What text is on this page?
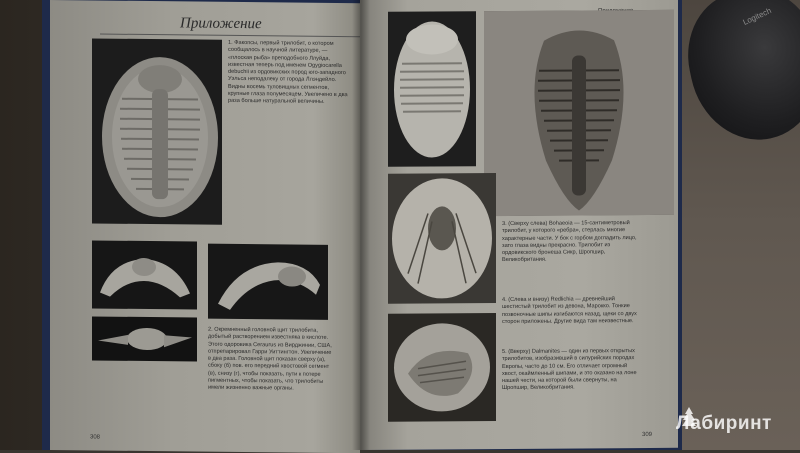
Logitech
Приложение
1. Факопсы, первый трилобит, о котором сообщалось в научной литературе, — «плоская рыба» преподобного Ллуйда, известная теперь под именем Ogygiocarella debuchii из ордовикских пород юго-западного Уэльса неподалеку от города Ллэндейло. Видны восемь туловищных сегментов, крупные глаза полумесяцем. Увеличено в два раза больше натуральной величины.
2. Окремненный головной щит трилобита, добытый растворением известняка в кислоте. Этого одоровика Ceraurus из Вирджинии, США, отпрепарировал Гарри Уиттингтон. Увеличение в два раза. Головной щит показан сверху (а), сбоку (б) пов. его передний хвостовой сегмент (в), снизу (г), чтобы показать, пути к потере пигментных, чтобы показать, что трилобиты имели жизненно важные органы.
308
3. (Сверху слева) Bohaeoia — 15-сантиметровый трилобит, у которого «ребра», стерлась многие характерные части. У бок с горбом догладить лицо, зато глаза видны прекрасно. Трилобит из ордовикского бронеша Сикр, Шропшир, Великобритания.
4. (Слева и внизу) Redlichia — древнейший шестистый трилобит из девона, Марокко. Тонкие позвоночные шипы изгибаются назад, щеки со двух сторон приложены. Другие вида там неизвестные.
5. (Вверху) Dalmanites — один из первых открытых трилобитов, изобразивший в силурийских породах Европы, часто до 10 см. Его отличает огромный хвост, окаймленный шипами, и это оказано на лоне нашей чести, на которой были свернуты, на Шропшир, Великобритания.
309
Лабиринт
